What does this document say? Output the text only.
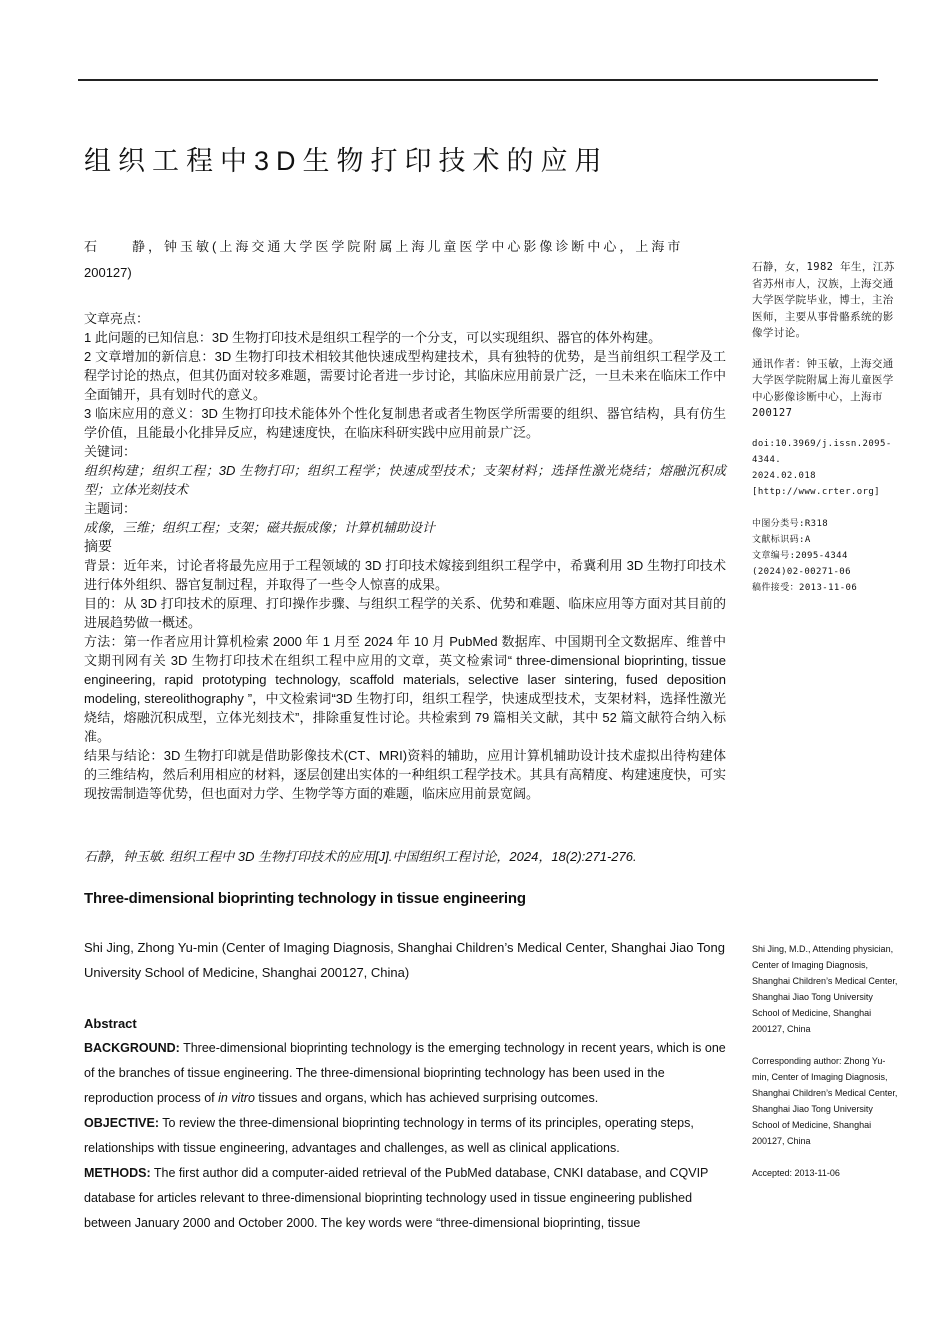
组织工程中3D生物打印技术的应用
石　　静，钟玉敏(上海交通大学医学院附属上海儿童医学中心影像诊断中心，上海市
200127)

文章亮点：

1 此问题的已知信息：3D 生物打印技术是组织工程学的一个分支，可以实现组织、器官的体外构建。

2 文章增加的新信息：3D 生物打印技术相较其他快速成型构建技术，具有独特的优势，是当前组织工程学及工程学讨论的热点，但其仍面对较多难题，需要讨论者进一步讨论，其临床应用前景广泛，一旦未来在临床工作中全面铺开，具有划时代的意义。

3 临床应用的意义：3D 生物打印技术能体外个性化复制患者或者生物医学所需要的组织、器官结构，具有仿生学价值，且能最小化排异反应，构建速度快，在临床科研实践中应用前景广泛。

关键词：

组织构建；组织工程；3D 生物打印；组织工程学；快速成型技术；支架材料；选择性激光烧结；熔融沉积成型；立体光刻技术

主题词：

成像，三维；组织工程；支架；磁共振成像；计算机辅助设计

摘要

背景：近年来，讨论者将最先应用于工程领域的 3D 打印技术嫁接到组织工程学中，希冀利用 3D 生物打印技术进行体外组织、器官复制过程，并取得了一些令人惊喜的成果。

目的：从 3D 打印技术的原理、打印操作步骤、与组织工程学的关系、优势和难题、临床应用等方面对其目前的进展趋势做一概述。

方法：第一作者应用计算机检索 2000 年 1 月至 2024 年 10 月 PubMed 数据库、中国期刊全文数据库、维普中文期刊网有关 3D 生物打印技术在组织工程中应用的文章，英文检索词“ three-dimensional bioprinting, tissue engineering, rapid prototyping technology, scaffold materials, selective laser sintering, fused deposition modeling, stereolithography ”，中文检索词“3D 生物打印，组织工程学，快速成型技术，支架材料，选择性激光烧结，熔融沉积成型，立体光刻技术”，排除重复性讨论。共检索到 79 篇相关文献，其中 52 篇文献符合纳入标准。

结果与结论：3D 生物打印就是借助影像技术(CT、MRI)资料的辅助，应用计算机辅助设计技术虚拟出待构建体的三维结构，然后利用相应的材料，逐层创建出实体的一种组织工程学技术。其具有高精度、构建速度快，可实现按需制造等优势，但也面对力学、生物学等方面的难题，临床应用前景宽阔。

石静，钟玉敏. 组织工程中 3D 生物打印技术的应用[J].中国组织工程讨论，2024，18(2):271-276.
Three-dimensional bioprinting technology in tissue engineering
Shi Jing, Zhong Yu-min (Center of Imaging Diagnosis, Shanghai Children’s Medical Center, Shanghai Jiao Tong University School of Medicine, Shanghai 200127, China)

Abstract

BACKGROUND: Three-dimensional bioprinting technology is the emerging technology in recent years, which is one of the branches of tissue engineering. The three-dimensional bioprinting technology has been used in the reproduction process of in vitro tissues and organs, which has achieved surprising outcomes.

OBJECTIVE: To review the three-dimensional bioprinting technology in terms of its principles, operating steps, relationships with tissue engineering, advantages and challenges, as well as clinical applications.

METHODS: The first author did a computer-aided retrieval of the PubMed database, CNKI database, and CQVIP database for articles relevant to three-dimensional bioprinting technology used in tissue engineering published between January 2000 and October 2000. The key words were “three-dimensional bioprinting, tissue

石静，女，1982 年生，江苏省苏州市人，汉族，上海交通大学医学院毕业，博士，主治医师，主要从事骨骼系统的影像学讨论。

通讯作者：钟玉敏，上海交通大学医学院附属上海儿童医学中心影像诊断中心，上海市 200127

doi:10.3969/j.issn.2095-4344.
2024.02.018
[http://www.crter.org]
中图分类号:R318
文献标识码:A
文章编号:2095-4344
(2024)02-00271-06
稿件接受：2013-11-06

Shi Jing, M.D., Attending physician, Center of Imaging Diagnosis, Shanghai Children’s Medical Center, Shanghai Jiao Tong University School of Medicine, Shanghai 200127, China

Corresponding author: Zhong Yu-min, Center of Imaging Diagnosis, Shanghai Children’s Medical Center, Shanghai Jiao Tong University School of Medicine, Shanghai 200127, China

Accepted: 2013-11-06
